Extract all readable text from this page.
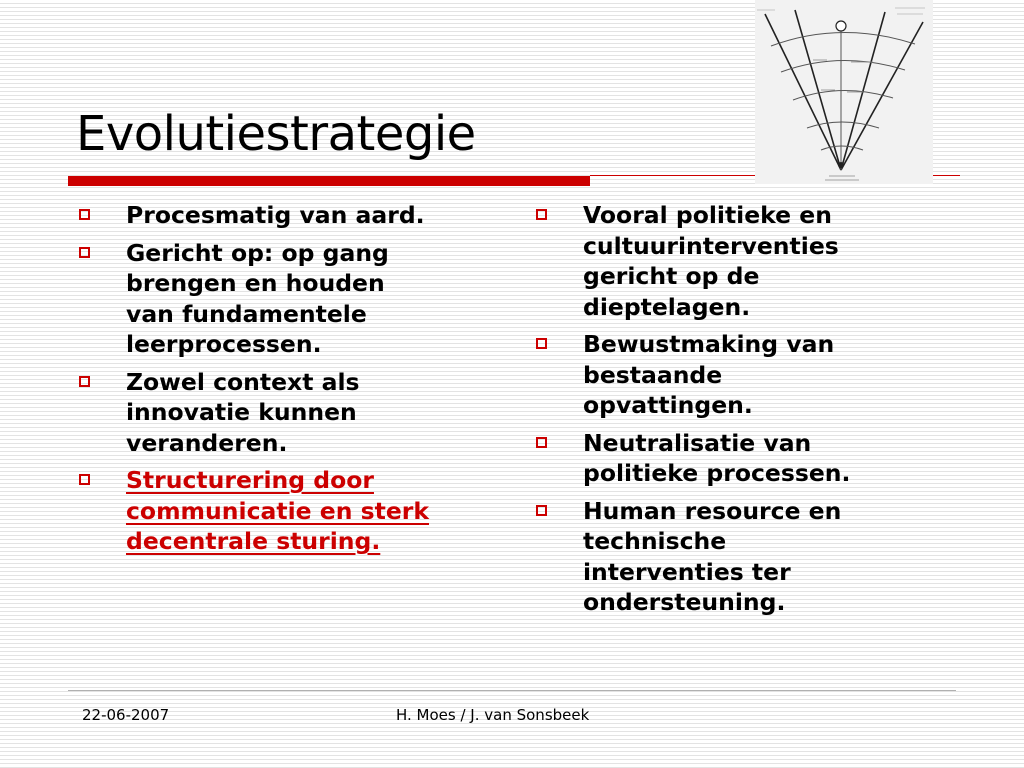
Evolutiestrategie
Procesmatig van aard.
Gericht op: op gang
brengen en houden
van fundamentele
leerprocessen.
Zowel context als
innovatie kunnen
veranderen.
Structurering door
communicatie en sterk
decentrale sturing.
Vooral politieke en
cultuurinterventies
gericht op de
dieptelagen.
Bewustmaking van
bestaande
opvattingen.
Neutralisatie van
politieke processen.
Human resource en
technische
interventies ter
ondersteuning.
22-06-2007	H. Moes / J. van Sonsbeek
